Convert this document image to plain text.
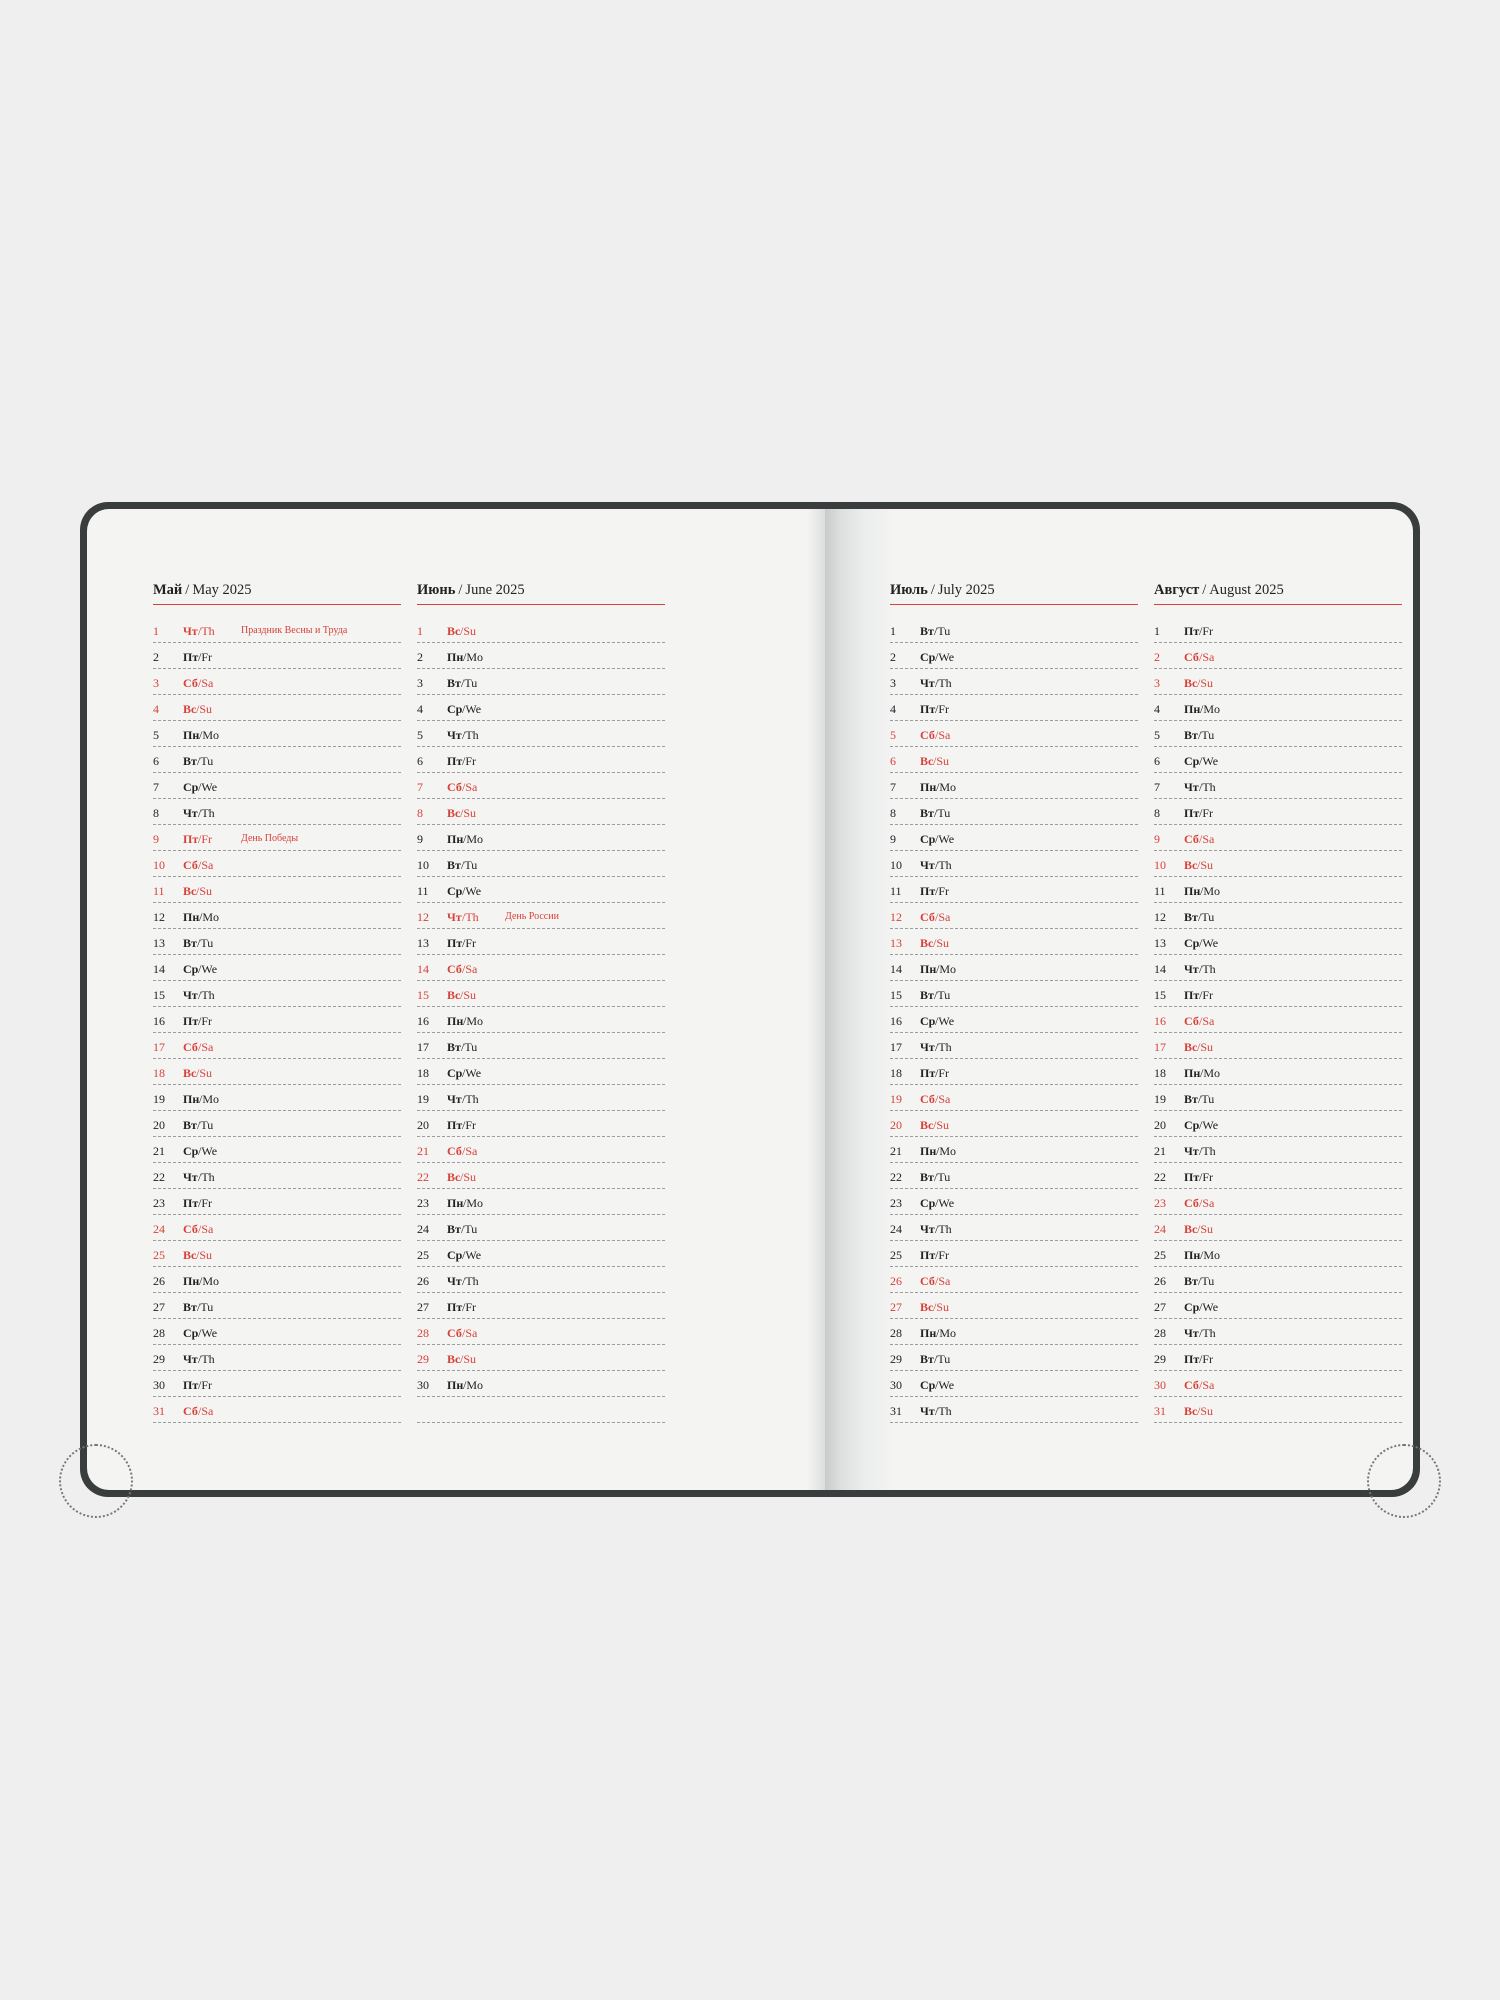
Май / May 2025
1 Чт /Th	Праздник Весны и Труда
2 Пт /Fr
3 Сб /Sa
4 Вс /Su
5 Пн /Mo
6 Вт /Tu
7 Ср /We
8 Чт /Th
9 Пт /Fr	День Победы
10 Сб /Sa
11 Вс /Su
12 Пн /Mo
13 Вт /Tu
14 Ср /We
15 Чт /Th
16 Пт /Fr
17 Сб /Sa
18 Вс /Su
19 Пн /Mo
20 Вт /Tu
21 Ср /We
22 Чт /Th
23 Пт /Fr
24 Сб /Sa
25 Вс /Su
26 Пн /Mo
27 Вт /Tu
28 Ср /We
29 Чт /Th
30 Пт /Fr
31 Сб /Sa
Июнь / June 2025
1 Вс /Su
2 Пн /Mo
3 Вт /Tu
4 Ср /We
5 Чт /Th
6 Пт /Fr
7 Сб /Sa
8 Вс /Su
9 Пн /Mo
10 Вт /Tu
11 Ср /We
12 Чт /Th	День России
13 Пт /Fr
14 Сб /Sa
15 Вс /Su
16 Пн /Mo
17 Вт /Tu
18 Ср /We
19 Чт /Th
20 Пт /Fr
21 Сб /Sa
22 Вс /Su
23 Пн /Mo
24 Вт /Tu
25 Ср /We
26 Чт /Th
27 Пт /Fr
28 Сб /Sa
29 Вс /Su
30 Пн /Mo
Июль / July 2025
1 Вт /Tu
2 Ср /We
3 Чт /Th
4 Пт /Fr
5 Сб /Sa
6 Вс /Su
7 Пн /Mo
8 Вт /Tu
9 Ср /We
10 Чт /Th
11 Пт /Fr
12 Сб /Sa
13 Вс /Su
14 Пн /Mo
15 Вт /Tu
16 Ср /We
17 Чт /Th
18 Пт /Fr
19 Сб /Sa
20 Вс /Su
21 Пн /Mo
22 Вт /Tu
23 Ср /We
24 Чт /Th
25 Пт /Fr
26 Сб /Sa
27 Вс /Su
28 Пн /Mo
29 Вт /Tu
30 Ср /We
31 Чт /Th
Август / August 2025
1 Пт /Fr
2 Сб /Sa
3 Вс /Su
4 Пн /Mo
5 Вт /Tu
6 Ср /We
7 Чт /Th
8 Пт /Fr
9 Сб /Sa
10 Вс /Su
11 Пн /Mo
12 Вт /Tu
13 Ср /We
14 Чт /Th
15 Пт /Fr
16 Сб /Sa
17 Вс /Su
18 Пн /Mo
19 Вт /Tu
20 Ср /We
21 Чт /Th
22 Пт /Fr
23 Сб /Sa
24 Вс /Su
25 Пн /Mo
26 Вт /Tu
27 Ср /We
28 Чт /Th
29 Пт /Fr
30 Сб /Sa
31 Вс /Su
